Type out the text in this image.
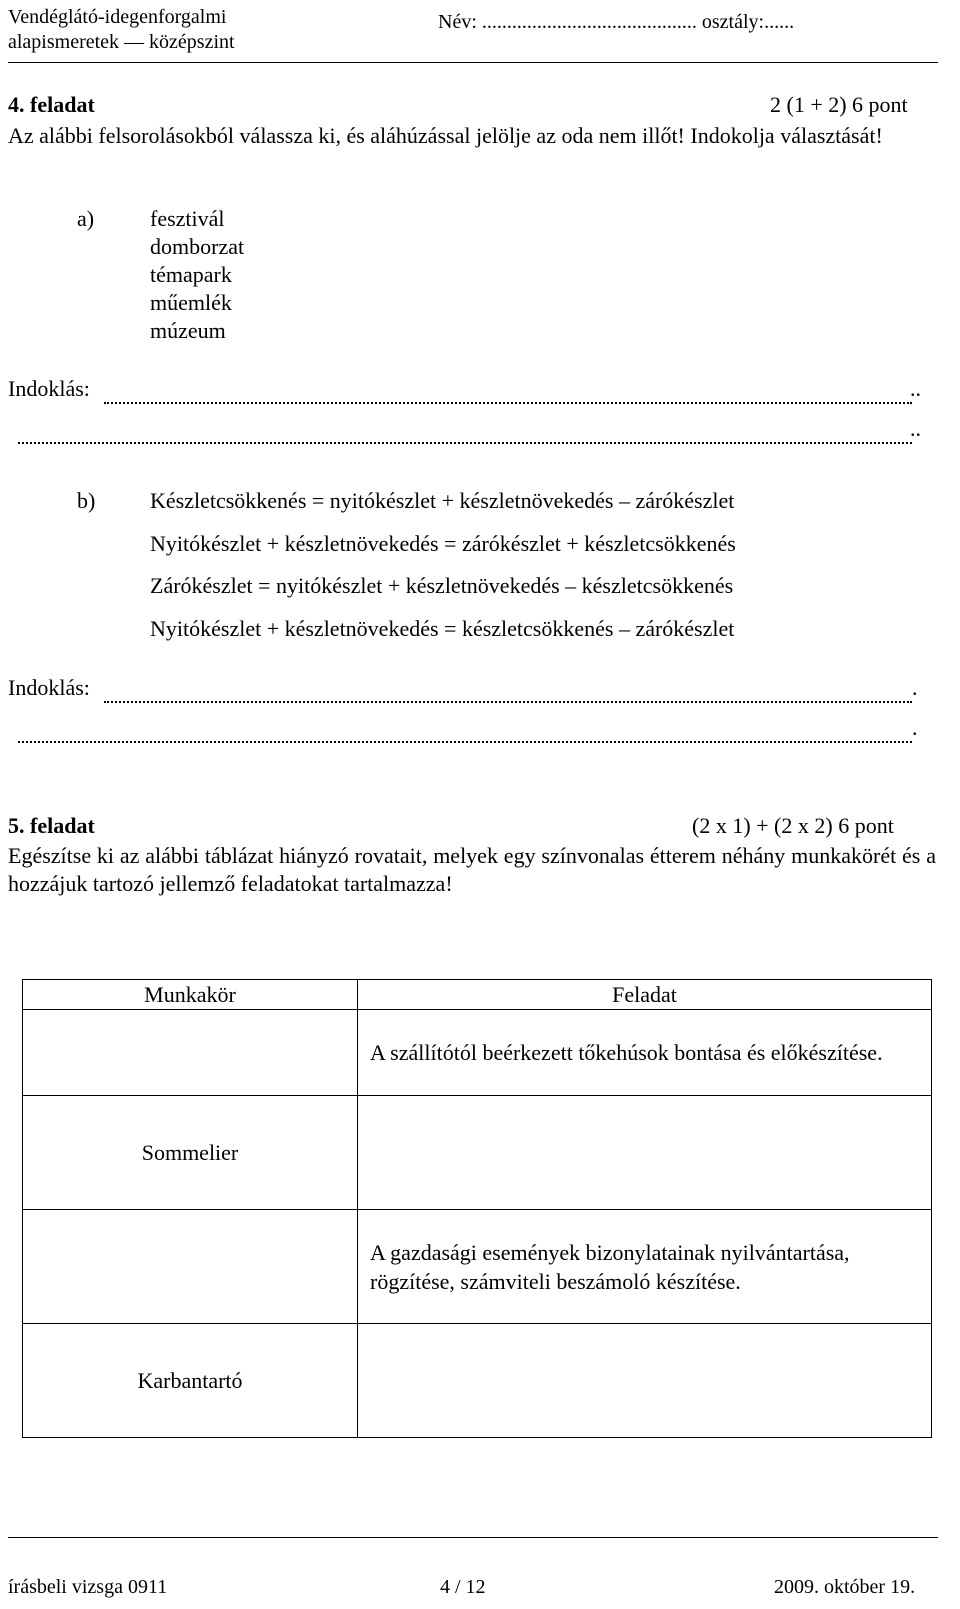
Vendéglátó-idegenforgalmi
alapismeretek — középszint
Név: ........................................... osztály:......
4. feladat	2 (1 + 2) 6 pont
Az alábbi felsorolásokból válassza ki, és aláhúzással jelölje az oda nem illőt! Indokolja választását!
a)	fesztivál
domborzat
témapark
műemlék
múzeum
Indoklás:	..
..
b) Készletcsökkenés = nyitókészlet + készletnövekedés – zárókészlet
Nyitókészlet + készletnövekedés = zárókészlet + készletcsökkenés
Zárókészlet = nyitókészlet + készletnövekedés – készletcsökkenés
Nyitókészlet + készletnövekedés = készletcsökkenés – zárókészlet
Indoklás:	.
.
5. feladat	(2 x 1) + (2 x 2) 6 pont
Egészítse ki az alábbi táblázat hiányzó rovatait, melyek egy színvonalas étterem néhány munkakörét és a hozzájuk tartozó jellemző feladatokat tartalmazza!
Munkakör	Feladat
	A szállítótól beérkezett tőkehúsok bontása és előkészítése.
Sommelier	
	A gazdasági események bizonylatainak nyilvántartása, rögzítése, számviteli beszámoló készítése.
Karbantartó	
írásbeli vizsga 0911	4 / 12	2009. október 19.
